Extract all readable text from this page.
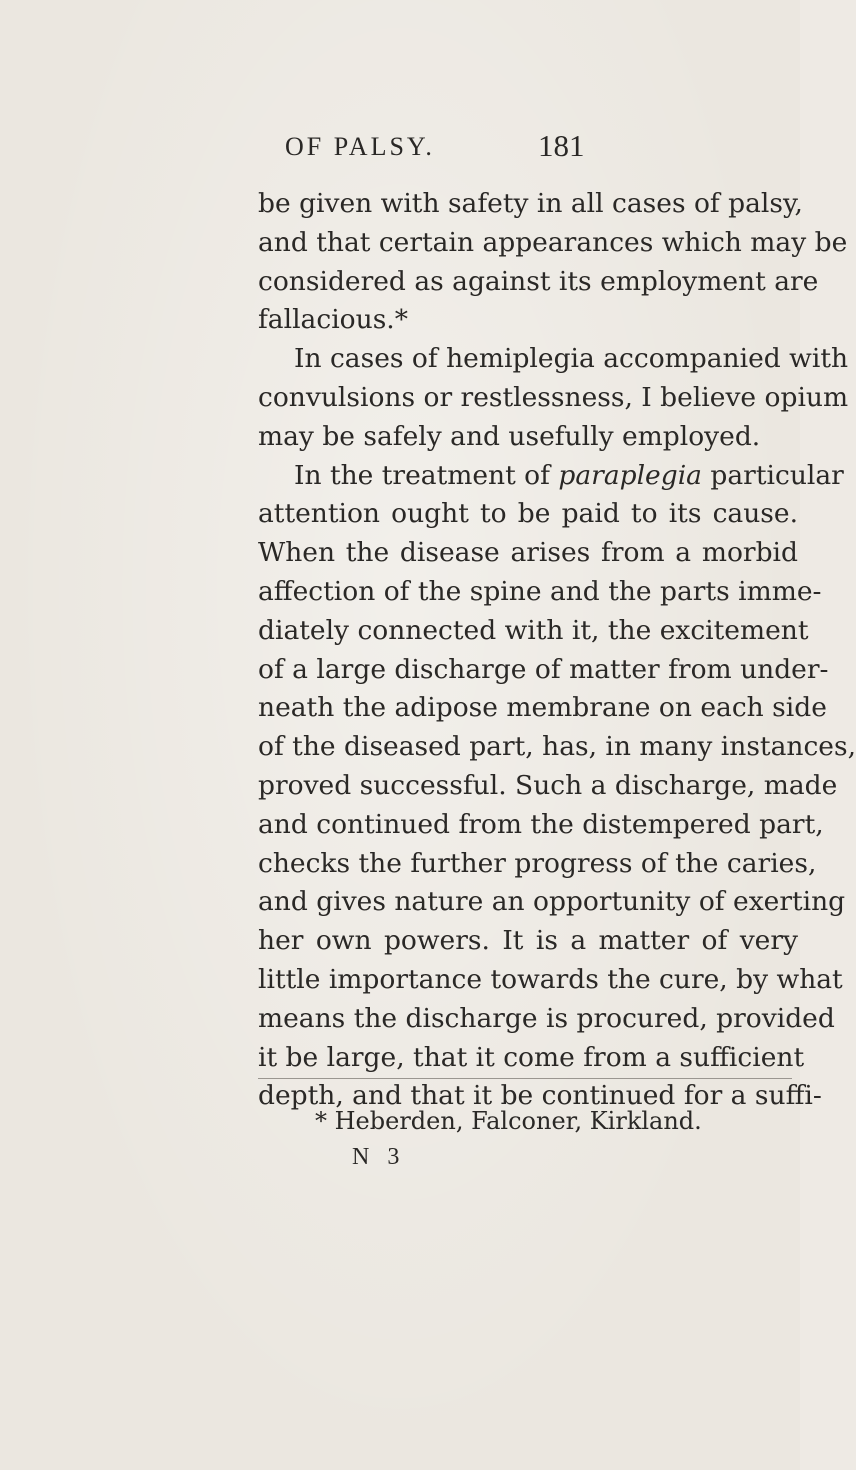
OF PALSY.	181
be given with safety in all cases of palsy,
and that certain appearances which may be
considered as against its employment are
fallacious.*
In cases of hemiplegia accompanied with
convulsions or restlessness, I believe opium
may be safely and usefully employed.
In the treatment of paraplegia particular
attention ought to be paid to its cause.
When the disease arises from a morbid
affection of the spine and the parts imme-
diately connected with it, the excitement
of a large discharge of matter from under-
neath the adipose membrane on each side
of the diseased part, has, in many instances,
proved successful. Such a discharge, made
and continued from the distempered part,
checks the further progress of the caries,
and gives nature an opportunity of exerting
her own powers. It is a matter of very
little importance towards the cure, by what
means the discharge is procured, provided
it be large, that it come from a sufficient
depth, and that it be continued for a suffi-
* Heberden, Falconer, Kirkland.
N 3
